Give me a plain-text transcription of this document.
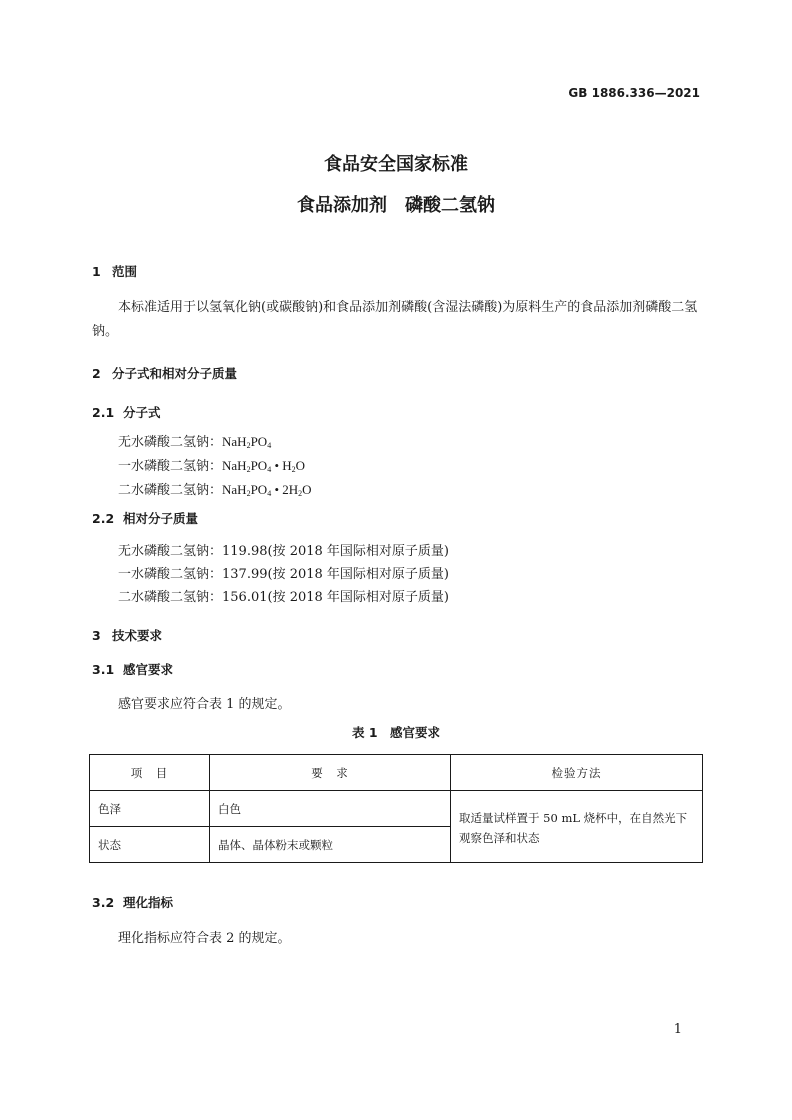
GB 1886.336—2021
食品安全国家标准
食品添加剂　磷酸二氢钠
1 范围
本标准适用于以氢氧化钠(或碳酸钠)和食品添加剂磷酸(含湿法磷酸)为原料生产的食品添加剂磷酸二氢钠。
2 分子式和相对分子质量
2.1 分子式
无水磷酸二氢钠：$NaH_2PO_4$
一水磷酸二氢钠：$NaH_2PO_4$ • $H_2O$
二水磷酸二氢钠：$NaH_2PO_4$ • $2H_2O$
2.2 相对分子质量
无水磷酸二氢钠：119.98(按 2018 年国际相对原子质量)
一水磷酸二氢钠：137.99(按 2018 年国际相对原子质量)
二水磷酸二氢钠：156.01(按 2018 年国际相对原子质量)
3 技术要求
3.1 感官要求
感官要求应符合表 1 的规定。
表 1　感官要求
项　目	要　求	检验方法
色泽	白色	取适量试样置于 50 mL 烧杯中，在自然光下观察色泽和状态
状态	晶体、晶体粉末或颗粒	
3.2 理化指标
理化指标应符合表 2 的规定。
1
